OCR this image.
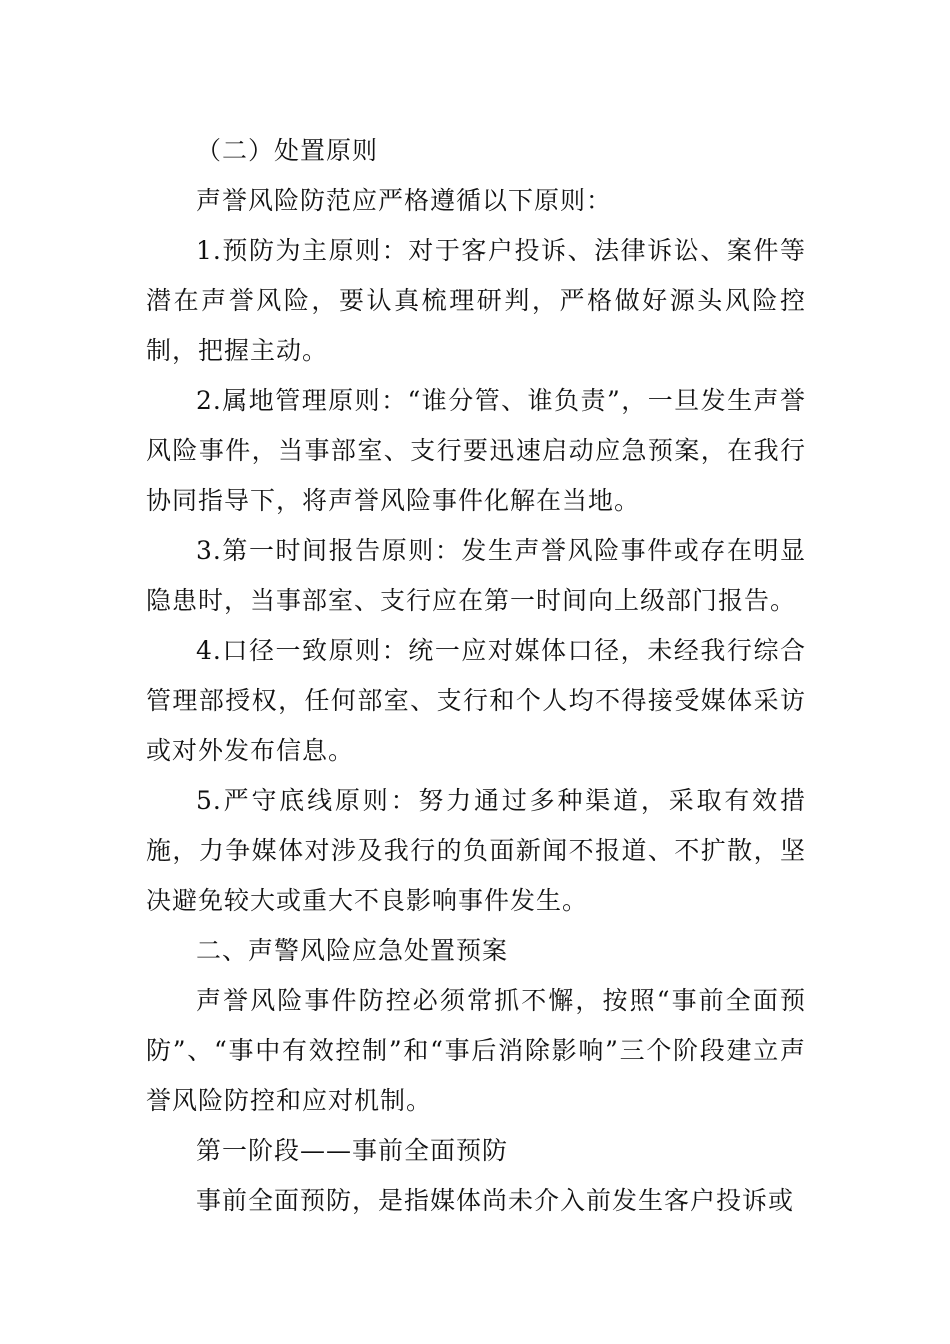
（二）处置原则

声誉风险防范应严格遵循以下原则：

1.预防为主原则：对于客户投诉、法律诉讼、案件等潜在声誉风险，要认真梳理研判，严格做好源头风险控制，把握主动。

2.属地管理原则：“谁分管、谁负责”，一旦发生声誉风险事件，当事部室、支行要迅速启动应急预案，在我行协同指导下，将声誉风险事件化解在当地。

3.第一时间报告原则：发生声誉风险事件或存在明显隐患时，当事部室、支行应在第一时间向上级部门报告。

4.口径一致原则：统一应对媒体口径，未经我行综合管理部授权，任何部室、支行和个人均不得接受媒体采访或对外发布信息。

5.严守底线原则：努力通过多种渠道，采取有效措施，力争媒体对涉及我行的负面新闻不报道、不扩散，坚决避免较大或重大不良影响事件发生。

二、声警风险应急处置预案

声誉风险事件防控必须常抓不懈，按照“事前全面预防”、“事中有效控制”和“事后消除影响”三个阶段建立声誉风险防控和应对机制。

第一阶段——事前全面预防

事前全面预防，是指媒体尚未介入前发生客户投诉或
